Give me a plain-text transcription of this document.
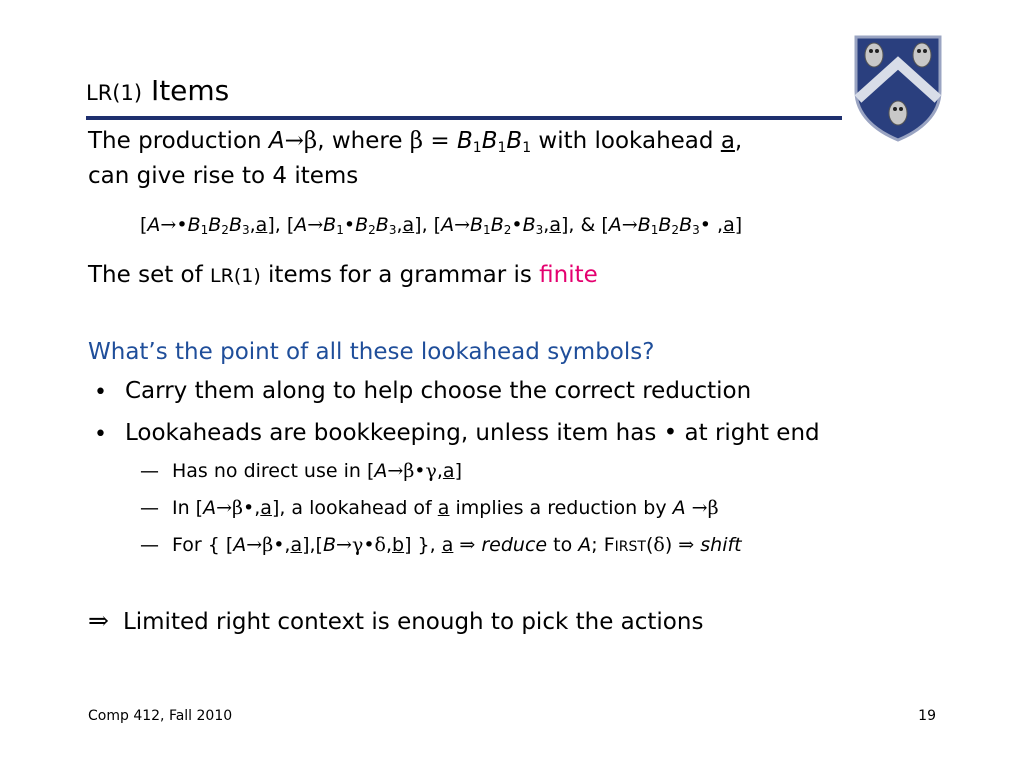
LR(1) Items
The production A→β, where $\beta = B_1B_1B_1$ with lookahead a,
can give rise to 4 items
$[A\to•B_1B_2B_3,a]$, $[A\to B_1•B_2B_3,a]$, $[A\to B_1B_2•B_3,a]$, & [$A\to B_1B_2B_3•$ ,a]
The set of LR(1) items for a grammar is finite
What’s the point of all these lookahead symbols?
• Carry them along to help choose the correct reduction
• Lookaheads are bookkeeping, unless item has • at right end
— Has no direct use in [A→β•γ,a]
— In [A→β•,a], a lookahead of a implies a reduction by A →β
— For { [A→β•,a],[B→γ•δ,b] }, a ⇒ reduce to A; FIRST(δ) ⇒ shift
⇒ Limited right context is enough to pick the actions
Comp 412, Fall 2010	19
